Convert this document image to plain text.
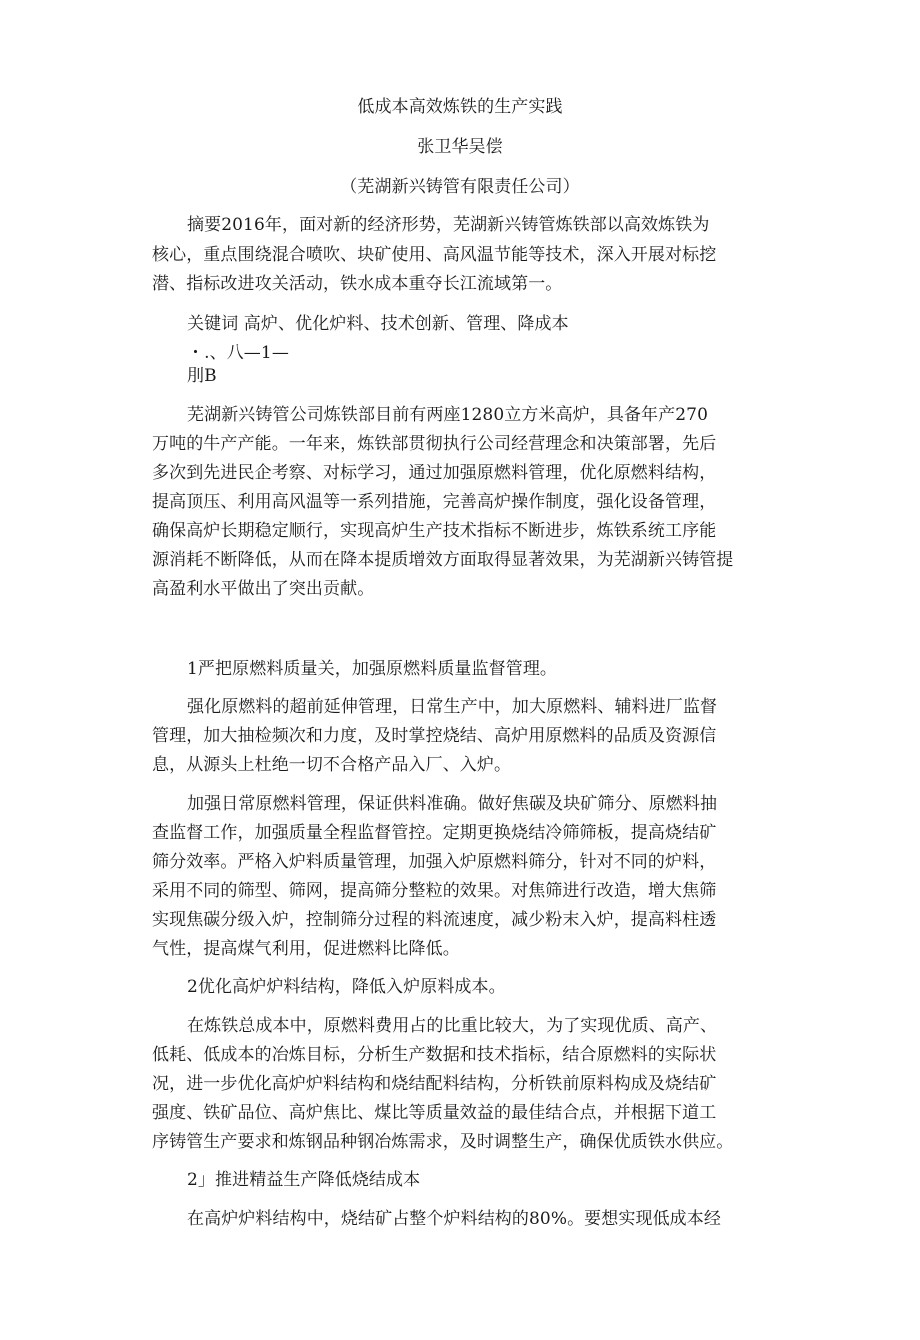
低成本高效炼铁的生产实践
张卫华吴偿
（芜湖新兴铸管有限责任公司）
摘要2016年，面对新的经济形势，芜湖新兴铸管炼铁部以高效炼铁为
核心，重点围绕混合喷吹、块矿使用、高风温节能等技术，深入开展对标挖
潜、指标改进攻关活动，铁水成本重夺长江流域第一。
关键词 高炉、优化炉料、技术创新、管理、降成本
・.、八—1—
刖B
芜湖新兴铸管公司炼铁部目前有两座1280立方米高炉，具备年产270
万吨的牛产产能。一年来，炼铁部贯彻执行公司经营理念和决策部署，先后
多次到先进民企考察、对标学习，通过加强原燃料管理，优化原燃料结构，
提高顶压、利用高风温等一系列措施，完善高炉操作制度，强化设备管理，
确保高炉长期稳定顺行，实现高炉生产技术指标不断进步，炼铁系统工序能
源消耗不断降低，从而在降本提质增效方面取得显著效果，为芜湖新兴铸管提
高盈利水平做出了突出贡献。
1严把原燃料质量关，加强原燃料质量监督管理。
强化原燃料的超前延伸管理，日常生产中，加大原燃料、辅料进厂监督
管理，加大抽检频次和力度，及时掌控烧结、高炉用原燃料的品质及资源信
息，从源头上杜绝一切不合格产品入厂、入炉。
加强日常原燃料管理，保证供料准确。做好焦碳及块矿筛分、原燃料抽
查监督工作，加强质量全程监督管控。定期更换烧结冷筛筛板，提高烧结矿
筛分效率。严格入炉料质量管理，加强入炉原燃料筛分，针对不同的炉料，
采用不同的筛型、筛网，提高筛分整粒的效果。对焦筛进行改造，增大焦筛
实现焦碳分级入炉，控制筛分过程的料流速度，减少粉末入炉，提高料柱透
气性，提高煤气利用，促进燃料比降低。
2优化高炉炉料结构，降低入炉原料成本。
在炼铁总成本中，原燃料费用占的比重比较大，为了实现优质、高产、
低耗、低成本的冶炼目标，分析生产数据和技术指标，结合原燃料的实际状
况，进一步优化高炉炉料结构和烧结配料结构，分析铁前原料构成及烧结矿
强度、铁矿品位、高炉焦比、煤比等质量效益的最佳结合点，并根据下道工
序铸管生产要求和炼钢品种钢冶炼需求，及时调整生产，确保优质铁水供应。
2」推进精益生产降低烧结成本
在高炉炉料结构中，烧结矿占整个炉料结构的80%。要想实现低成本经
